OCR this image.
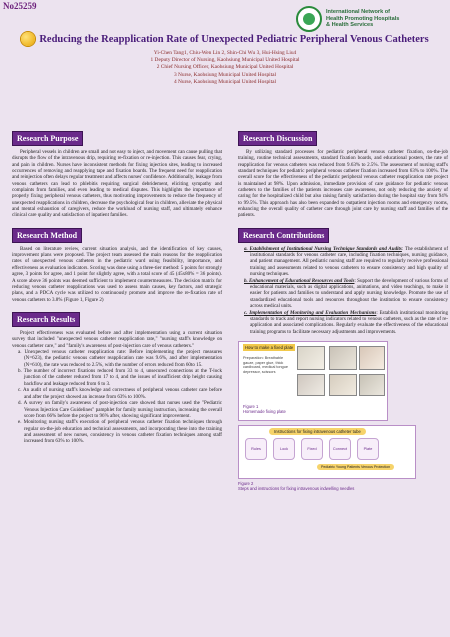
No25259
International Network of
Health Promoting Hospitals
& Health Services
Reducing the Reapplication Rate of Unexpected Pediatric Peripheral Venous Catheters
Yi-Chen Tang1, Chiu-Wen Lin 2, Shin-Chi Wu 3, Hui-Hsing Liu4
1 Deputy Director of Nursing, Kaohsiung Municipal United Hospital
2 Chief Nursing Officer, Kaohsiung Municipal United Hospital
3 Nurse, Kaohsiung Municipal United Hospital
4 Nurse, Kaohsiung Municipal United Hospital
Research Purpose

Peripheral vessels in children are small and not easy to inject, and movement can cause pulling that disrupts the flow of the intravenous drip, requiring re-fixation or re-injection. This causes fear, crying, and pain in children. Nurses have inconsistent methods for fixing injection sites, leading to increased occurrences of removing and reapplying tape and fixation boards. The frequent need for reapplication and reinjection often delays regular treatment and affects nurses' confidence. Additionally, leakage from venous catheters can lead to phlebitis requiring surgical debridement, eliciting sympathy and complaints from families, and even leading to medical disputes. This highlights the importance of properly fixing peripheral venous catheters, thus motivating improvements to reduce the frequency of unexpected reapplications in children, decrease the psychological fear in children, alleviate the physical and mental exhaustion of caregivers, reduce the workload of nursing staff, and ultimately enhance clinical care quality and satisfaction of inpatient families.

Research Method

Based on literature review, current situation analysis, and the identification of key causes, improvement plans were proposed. The project team assessed the main reasons for the reapplication rates of unexpected venous catheters in the pediatric ward using feasibility, importance, and effectiveness as evaluation indicators. Scoring was done using a three-tier method: 5 points for strongly agree, 3 points for agree, and 1 point for slightly agree, with a total score of 45 (45x80% = 36 points). A score above 36 points was deemed sufficient to implement countermeasures. The decision matrix for reducing venous catheter reapplications was used to assess main causes, key factors, and strategic plans, and a PDCA cycle was utilized to continuously promote and improve the re-fixation rate of venous catheters to 3.8% (Figure 1, Figure 2)

Research Results

Project effectiveness was evaluated before and after implementation using a current situation survey that included "unexpected venous catheter reapplication rate," "nursing staff's knowledge on venous catheter care," and "family's awareness of post-injection care of venous catheters."

a. Unexpected venous catheter reapplication rate: Before implementing the project measures (N=623), the pediatric venous catheter reapplication rate was 9.6%, and after implementation (N=610), the rate was reduced to 2.5%, with the number of errors reduced from 60to 15.
b. The number of incorrect fixations reduced from 33 to 4, unsecured connections at the T-lock junction of the catheter reduced from 17 to 4, and the issues of insufficient drip height causing backflow and leakage reduced from 6 to 3.
c. An audit of nursing staff's knowledge and correctness of peripheral venous catheter care before and after the project showed an increase from 63% to 100%.
d. A survey on family's awareness of post-injection care showed that nurses used the "Pediatric Venous Injection Care Guidelines" pamphlet for family nursing instruction, increasing the overall score from 66% before the project to 96% after, showing significant improvement.
e. Monitoring nursing staff's execution of peripheral venous catheter fixation techniques through regular on-the-job education and technical assessments, and incorporating these into the training and assessment of new nurses, consistency in venous catheter fixation techniques among staff increased from 63% to 100%.
Research Discussion

By utilizing standard processes for pediatric peripheral venous catheter fixation, on-the-job training, routine technical assessments, standard fixation boards, and educational posters, the rate of reapplication for venous catheters was reduced from 9.63% to 2.5%. The assessment of nursing staff's standard techniques for pediatric peripheral venous catheter fixation increased from 63% to 100%. The overall score for the effectiveness of the pediatric peripheral venous catheter reapplication rate project is maintained at 98%. Upon admission, immediate provision of care guidance for pediatric venous catheters to the families of the patients increases care awareness, not only reducing the anxiety of caring for the hospitalized child but also raising family satisfaction during the hospital stay from 94% to 99.5%. This approach has also been expanded to outpatient injection rooms and emergency rooms, enhancing the overall quality of catheter care through joint care by nursing staff and families of the patients.

Research Contributions
a. Establishment of Institutional Nursing Technique Standards and Audits: The establishment of institutional standards for venous catheter care, including fixation techniques, nursing guidance, and patient management. All pediatric nursing staff are required to regularly receive professional training and assessments related to venous catheters to ensure consistency and high quality of nursing techniques.
b. Enhancement of Educational Resources and Tools: Support the development of various forms of educational materials, such as digital applications, animations, and video teachings, to make it easier for patients and families to understand and apply nursing knowledge. Promote the use of standardized educational tools and resources throughout the institution to ensure consistency across medical units.
c. Implementation of Monitoring and Evaluation Mechanisms: Establish institutional monitoring standards to track and report nursing indicators related to venous catheters, such as the rate of re-application and associated complications. Regularly evaluate the effectiveness of the educational training programs to facilitate necessary adjustments and improvements.
How to make a fixed plate
Preparation: Breathable gauze, paper glue, thick cardboard, medical tongue depressor, scissors
Figure 1
Homemade fixing plate
Instructions for fixing intravenous catheter tube
Rules	Lock	Fixed	Connect	Plate
Pediatric Young Patients Venous Protection
Figure 2
Steps and instructions for fixing intravenous indwelling needles
